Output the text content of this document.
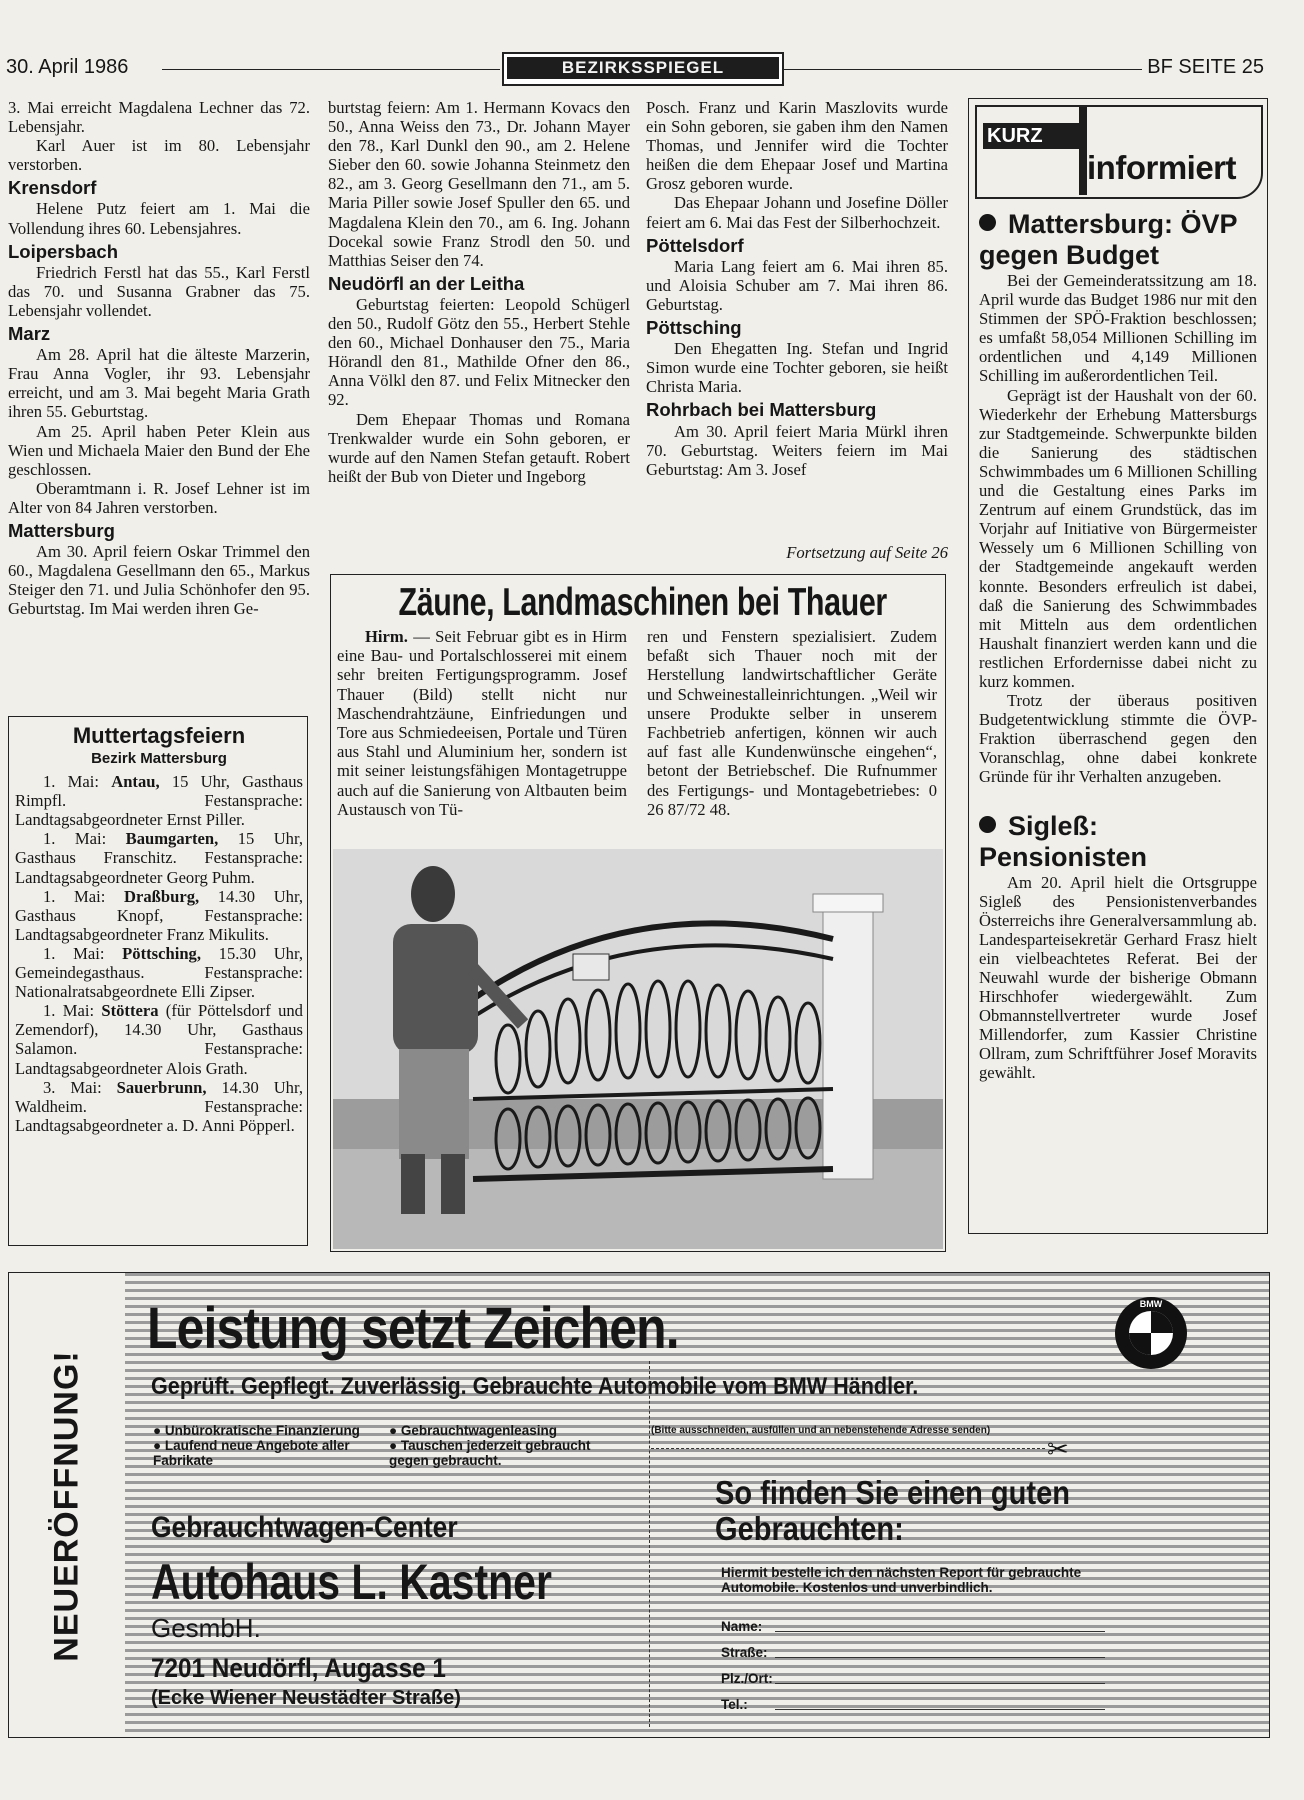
30. April 1986	BEZIRKSSPIEGEL	BF SEITE 25

3. Mai erreicht Magdalena Lechner das 72. Lebensjahr.

Karl Auer ist im 80. Lebensjahr verstorben.

Krensdorf

Helene Putz feiert am 1. Mai die Vollendung ihres 60. Lebensjahres.

Loipersbach

Friedrich Ferstl hat das 55., Karl Ferstl das 70. und Susanna Grabner das 75. Lebensjahr vollendet.

Marz

Am 28. April hat die älteste Marzerin, Frau Anna Vogler, ihr 93. Lebensjahr erreicht, und am 3. Mai begeht Maria Grath ihren 55. Geburtstag.

Am 25. April haben Peter Klein aus Wien und Michaela Maier den Bund der Ehe geschlossen.

Oberamtmann i. R. Josef Lehner ist im Alter von 84 Jahren verstorben.

Mattersburg

Am 30. April feiern Oskar Trimmel den 60., Magdalena Gesellmann den 65., Markus Steiger den 71. und Julia Schönhofer den 95. Geburtstag. Im Mai werden ihren Ge-

Muttertagsfeiern
Bezirk Mattersburg

1. Mai: Antau, 15 Uhr, Gasthaus Rimpfl. Festansprache: Landtagsabgeordneter Ernst Piller.

1. Mai: Baumgarten, 15 Uhr, Gasthaus Franschitz. Festansprache: Landtagsabgeordneter Georg Puhm.

1. Mai: Draßburg, 14.30 Uhr, Gasthaus Knopf, Festansprache: Landtagsabgeordneter Franz Mikulits.

1. Mai: Pöttsching, 15.30 Uhr, Gemeindegasthaus. Festansprache: Nationalratsabgeordnete Elli Zipser.

1. Mai: Stöttera (für Pöttelsdorf und Zemendorf), 14.30 Uhr, Gasthaus Salamon. Festansprache: Landtagsabgeordneter Alois Grath.

3. Mai: Sauerbrunn, 14.30 Uhr, Waldheim. Festansprache: Landtagsabgeordneter a. D. Anni Pöpperl.

burtstag feiern: Am 1. Hermann Kovacs den 50., Anna Weiss den 73., Dr. Johann Mayer den 78., Karl Dunkl den 90., am 2. Helene Sieber den 60. sowie Johanna Steinmetz den 82., am 3. Georg Gesellmann den 71., am 5. Maria Piller sowie Josef Spuller den 65. und Magdalena Klein den 70., am 6. Ing. Johann Docekal sowie Franz Strodl den 50. und Matthias Seiser den 74.

Neudörfl an der Leitha

Geburtstag feierten: Leopold Schügerl den 50., Rudolf Götz den 55., Herbert Stehle den 60., Michael Donhauser den 75., Maria Hörandl den 81., Mathilde Ofner den 86., Anna Völkl den 87. und Felix Mitnecker den 92.

Dem Ehepaar Thomas und Romana Trenkwalder wurde ein Sohn geboren, er wurde auf den Namen Stefan getauft. Robert heißt der Bub von Dieter und Ingeborg

Posch. Franz und Karin Maszlovits wurde ein Sohn geboren, sie gaben ihm den Namen Thomas, und Jennifer wird die Tochter heißen die dem Ehepaar Josef und Martina Grosz geboren wurde.

Das Ehepaar Johann und Josefine Döller feiert am 6. Mai das Fest der Silberhochzeit.

Pöttelsdorf

Maria Lang feiert am 6. Mai ihren 85. und Aloisia Schuber am 7. Mai ihren 86. Geburtstag.

Pöttsching

Den Ehegatten Ing. Stefan und Ingrid Simon wurde eine Tochter geboren, sie heißt Christa Maria.

Rohrbach bei Mattersburg

Am 30. April feiert Maria Mürkl ihren 70. Geburtstag. Weiters feiern im Mai Geburtstag: Am 3. Josef

Fortsetzung auf Seite 26
Zäune, Landmaschinen bei Thauer

Hirm. — Seit Februar gibt es in Hirm eine Bau- und Portalschlosserei mit einem sehr breiten Fertigungsprogramm. Josef Thauer (Bild) stellt nicht nur Maschendrahtzäune, Einfriedungen und Tore aus Schmiedeeisen, Portale und Türen aus Stahl und Aluminium her, sondern ist mit seiner leistungsfähigen Montagetruppe auch auf die Sanierung von Altbauten beim Austausch von Tü-

ren und Fenstern spezialisiert. Zudem befaßt sich Thauer noch mit der Herstellung landwirtschaftlicher Geräte und Schweinestalleinrichtungen. „Weil wir unsere Produkte selber in unserem Fachbetrieb anfertigen, können wir auch auf fast alle Kundenwünsche eingehen“, betont der Betriebschef. Die Rufnummer des Fertigungs- und Montagebetriebes: 0 26 87/72 48.

KURZ
informiert
Mattersburg: ÖVP gegen Budget

Bei der Gemeinderatssitzung am 18. April wurde das Budget 1986 nur mit den Stimmen der SPÖ-Fraktion beschlossen; es umfaßt 58,054 Millionen Schilling im ordentlichen und 4,149 Millionen Schilling im außerordentlichen Teil.

Geprägt ist der Haushalt von der 60. Wiederkehr der Erhebung Mattersburgs zur Stadtgemeinde. Schwerpunkte bilden die Sanierung des städtischen Schwimmbades um 6 Millionen Schilling und die Gestaltung eines Parks im Zentrum auf einem Grundstück, das im Vorjahr auf Initiative von Bürgermeister Wessely um 6 Millionen Schilling von der Stadtgemeinde angekauft werden konnte. Besonders erfreulich ist dabei, daß die Sanierung des Schwimmbades mit Mitteln aus dem ordentlichen Haushalt finanziert werden kann und die restlichen Erfordernisse dabei nicht zu kurz kommen.

Trotz der überaus positiven Budgetentwicklung stimmte die ÖVP-Fraktion überraschend gegen den Voranschlag, ohne dabei konkrete Gründe für ihr Verhalten anzugeben.

Sigleß: Pensionisten

Am 20. April hielt die Ortsgruppe Sigleß des Pensionistenverbandes Österreichs ihre Generalversammlung ab. Landesparteisekretär Gerhard Frasz hielt ein vielbeachtetes Referat. Bei der Neuwahl wurde der bisherige Obmann Hirschhofer wiedergewählt. Zum Obmannstellvertreter wurde Josef Millendorfer, zum Kassier Christine Ollram, zum Schriftführer Josef Moravits gewählt.

NEUERÖFFNUNG!
Leistung setzt Zeichen.	BMW
Geprüft. Gepflegt. Zuverlässig. Gebrauchte Automobile vom BMW Händler.
● Unbürokratische Finanzierung
● Laufend neue Angebote aller Fabrikate
● Gebrauchtwagenleasing
● Tauschen jederzeit gebraucht gegen gebraucht.
(Bitte ausschneiden, ausfüllen und an nebenstehende Adresse senden)
✂
Gebrauchtwagen-Center
Autohaus L. Kastner
GesmbH.
7201 Neudörfl, Augasse 1
(Ecke Wiener Neustädter Straße)
So finden Sie einen guten Gebrauchten:
Hiermit bestelle ich den nächsten Report für gebrauchte Automobile. Kostenlos und unverbindlich.
Name:
Straße:
Plz./Ort:
Tel.:
